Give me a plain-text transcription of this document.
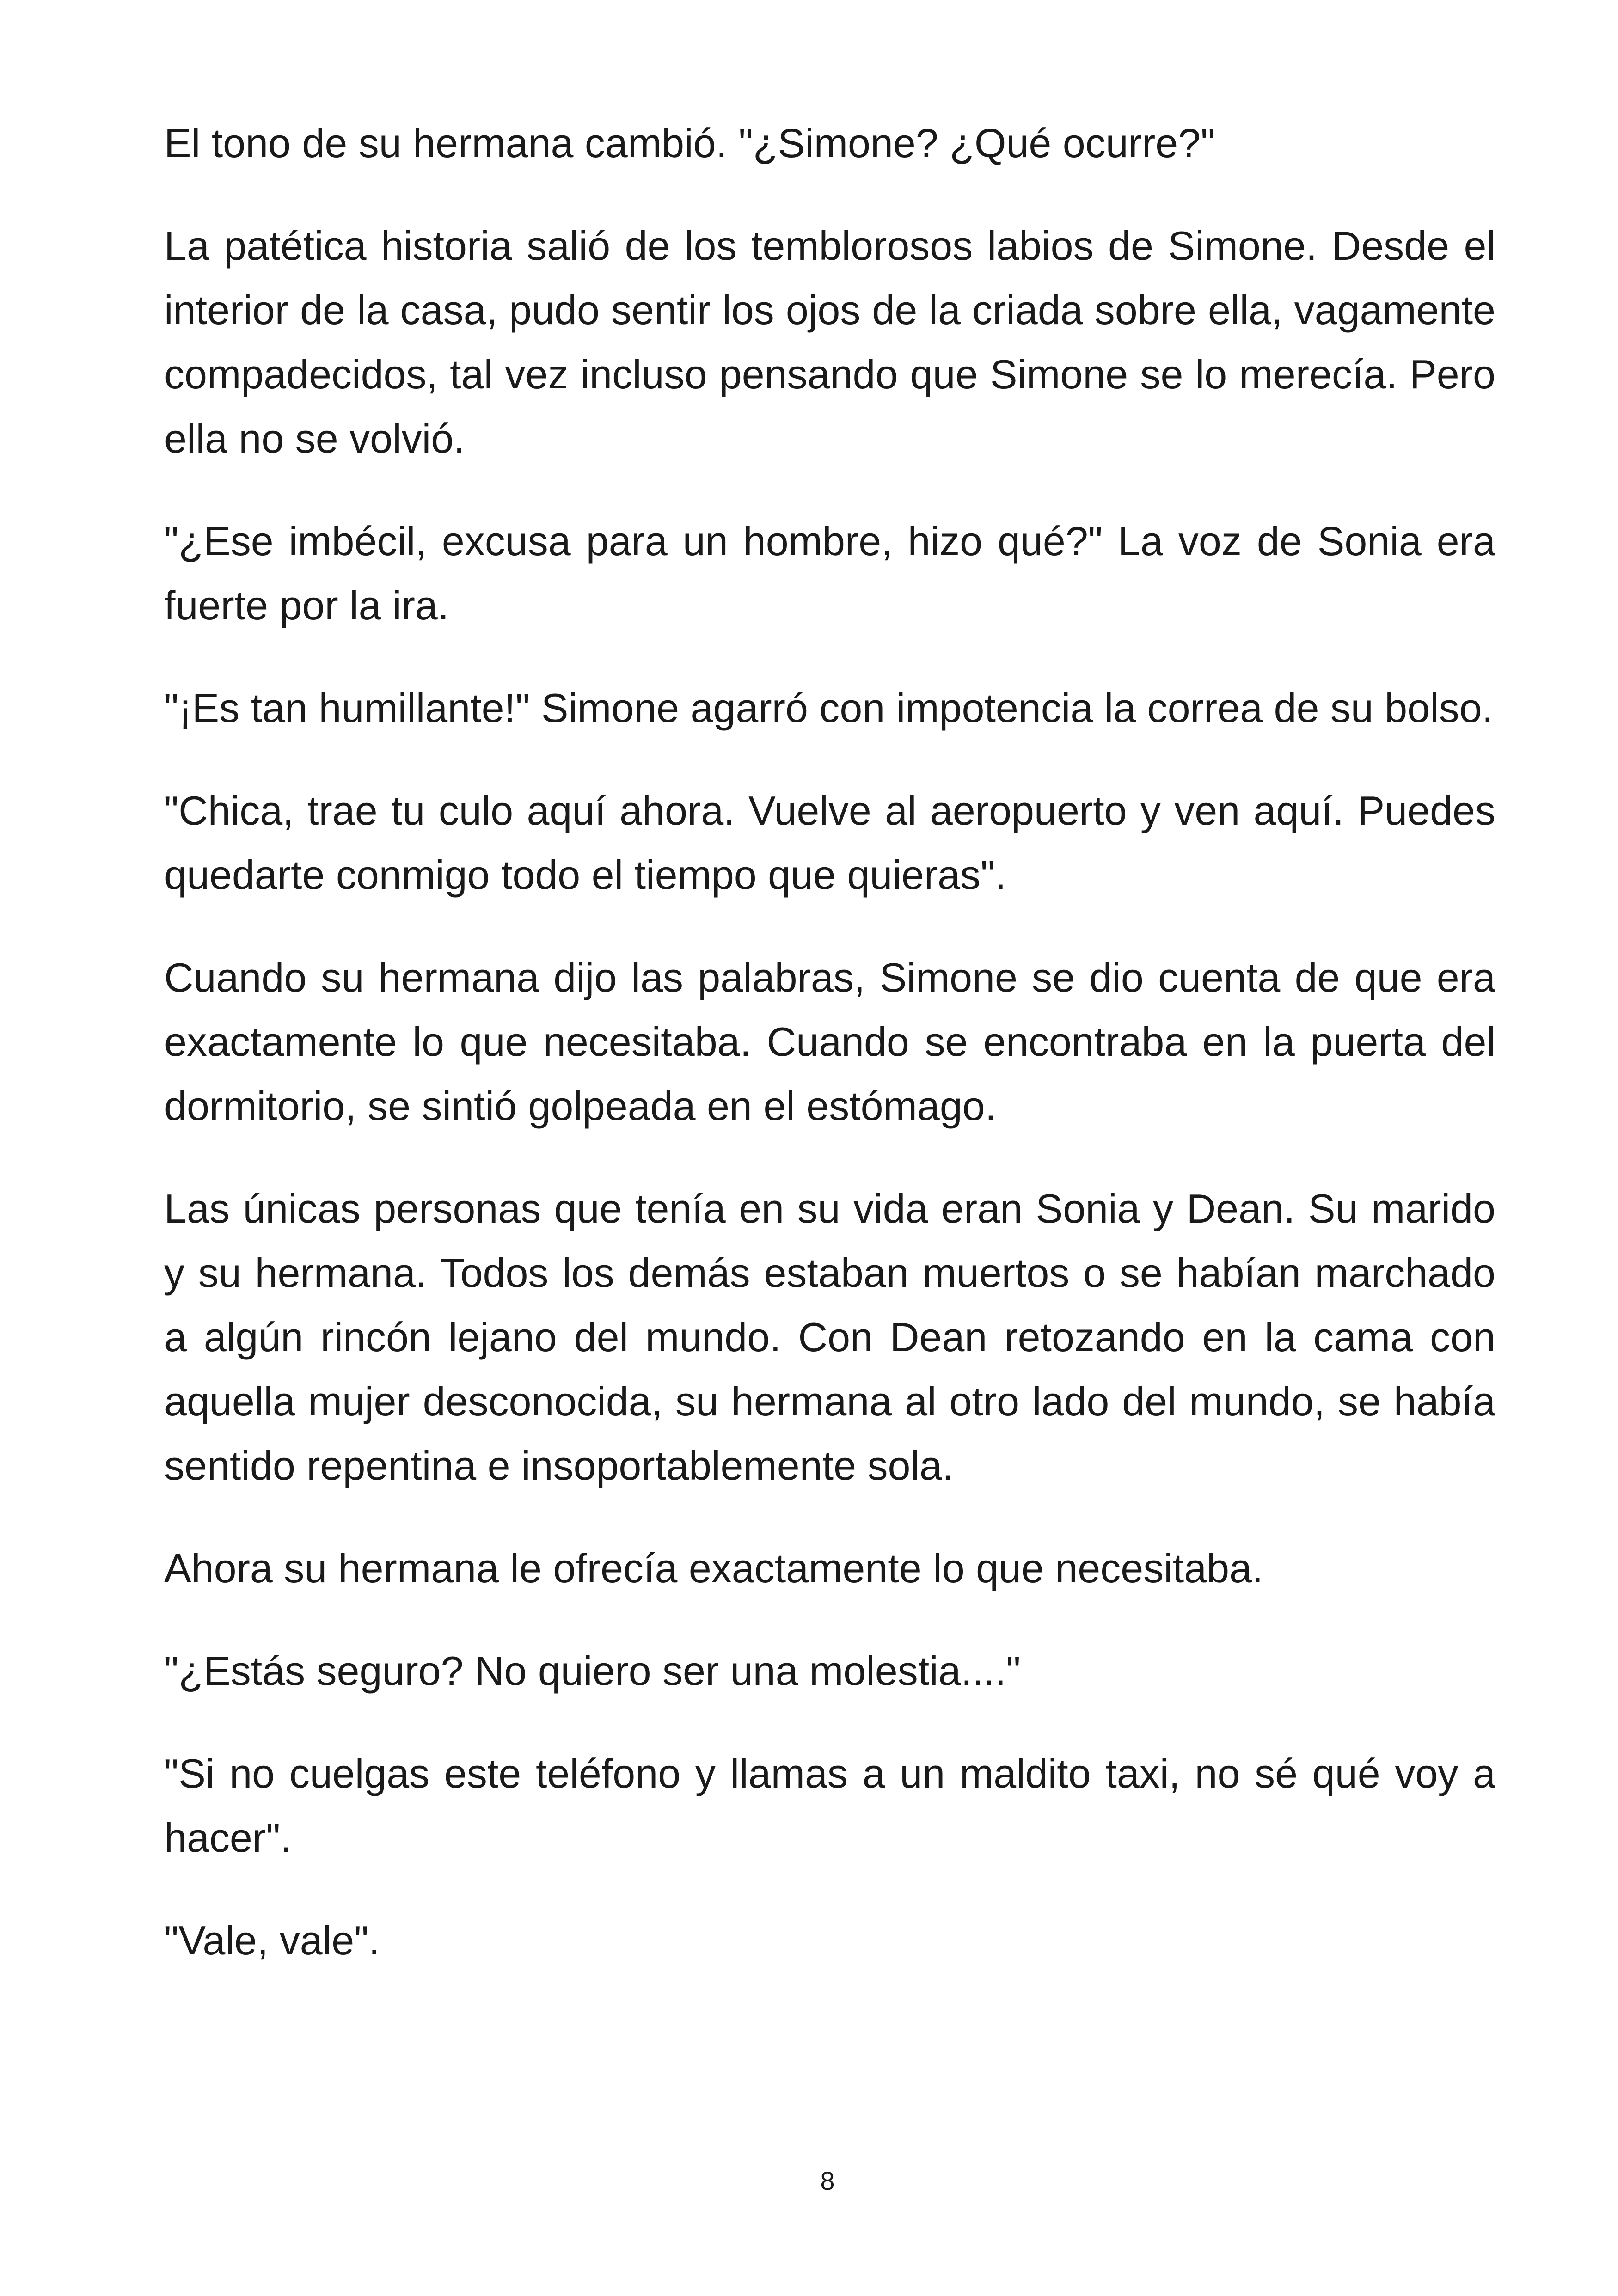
El tono de su hermana cambió. "¿Simone? ¿Qué ocurre?"

La patética historia salió de los temblorosos labios de Simone. Desde el interior de la casa, pudo sentir los ojos de la criada sobre ella, vagamente compadecidos, tal vez incluso pensando que Simone se lo merecía. Pero ella no se volvió.

"¿Ese imbécil, excusa para un hombre, hizo qué?" La voz de Sonia era fuerte por la ira.

"¡Es tan humillante!" Simone agarró con impotencia la correa de su bolso.

"Chica, trae tu culo aquí ahora. Vuelve al aeropuerto y ven aquí. Puedes quedarte conmigo todo el tiempo que quieras".

Cuando su hermana dijo las palabras, Simone se dio cuenta de que era exactamente lo que necesitaba. Cuando se encontraba en la puerta del dormitorio, se sintió golpeada en el estómago.

Las únicas personas que tenía en su vida eran Sonia y Dean. Su marido y su hermana. Todos los demás estaban muertos o se habían marchado a algún rincón lejano del mundo. Con Dean retozando en la cama con aquella mujer desconocida, su hermana al otro lado del mundo, se había sentido repentina e insoportablemente sola.

Ahora su hermana le ofrecía exactamente lo que necesitaba.

"¿Estás seguro? No quiero ser una molestia...."

"Si no cuelgas este teléfono y llamas a un maldito taxi, no sé qué voy a hacer".

"Vale, vale".

8
